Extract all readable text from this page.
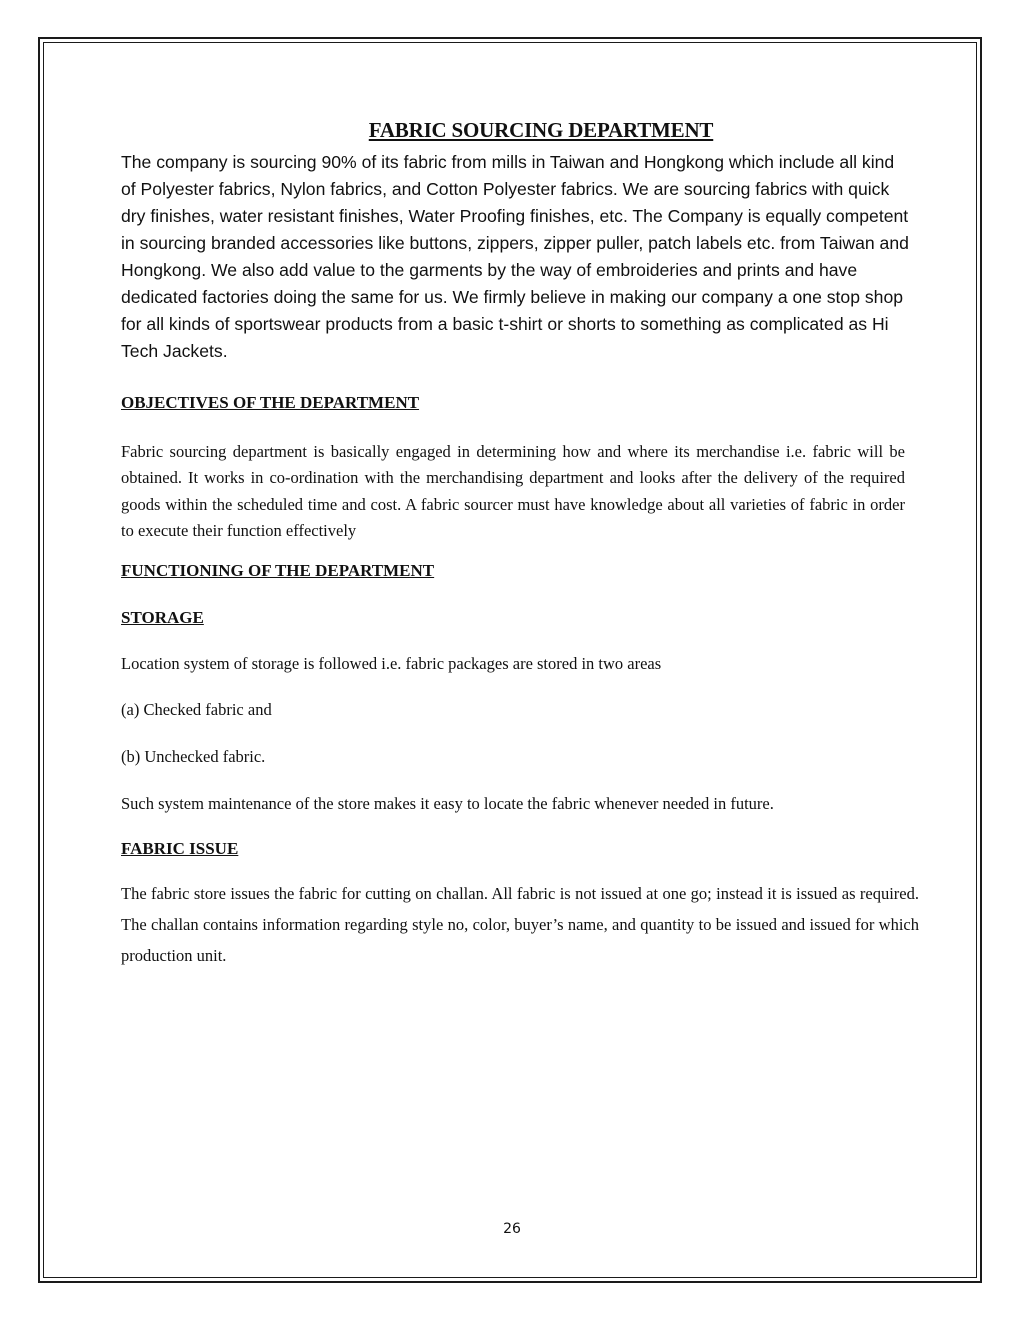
FABRIC SOURCING DEPARTMENT

The company is sourcing 90% of its fabric from mills in Taiwan and Hongkong which include all kind of Polyester fabrics, Nylon fabrics, and Cotton Polyester fabrics. We are sourcing fabrics with quick dry finishes, water resistant finishes, Water Proofing finishes, etc. The Company is equally competent in sourcing branded accessories like buttons, zippers, zipper puller, patch labels etc. from Taiwan and Hongkong. We also add value to the garments by the way of embroideries and prints and have dedicated factories doing the same for us. We firmly believe in making our company a one stop shop for all kinds of sportswear products from a basic t-shirt or shorts to something as complicated as Hi Tech Jackets.

OBJECTIVES OF THE DEPARTMENT

Fabric sourcing department is basically engaged in determining how and where its merchandise i.e. fabric will be obtained. It works in co-ordination with the merchandising department and looks after the delivery of the required goods within the scheduled time and cost. A fabric sourcer must have knowledge about all varieties of fabric in order to execute their function effectively

FUNCTIONING OF THE DEPARTMENT
STORAGE

Location system of storage is followed i.e. fabric packages are stored in two areas

(a) Checked fabric and

(b) Unchecked fabric.

Such system maintenance of the store makes it easy to locate the fabric whenever needed in future.

FABRIC ISSUE

The fabric store issues the fabric for cutting on challan. All fabric is not issued at one go; instead it is issued as required. The challan contains information regarding style no, color, buyer’s name, and quantity to be issued and issued for which production unit.

26
